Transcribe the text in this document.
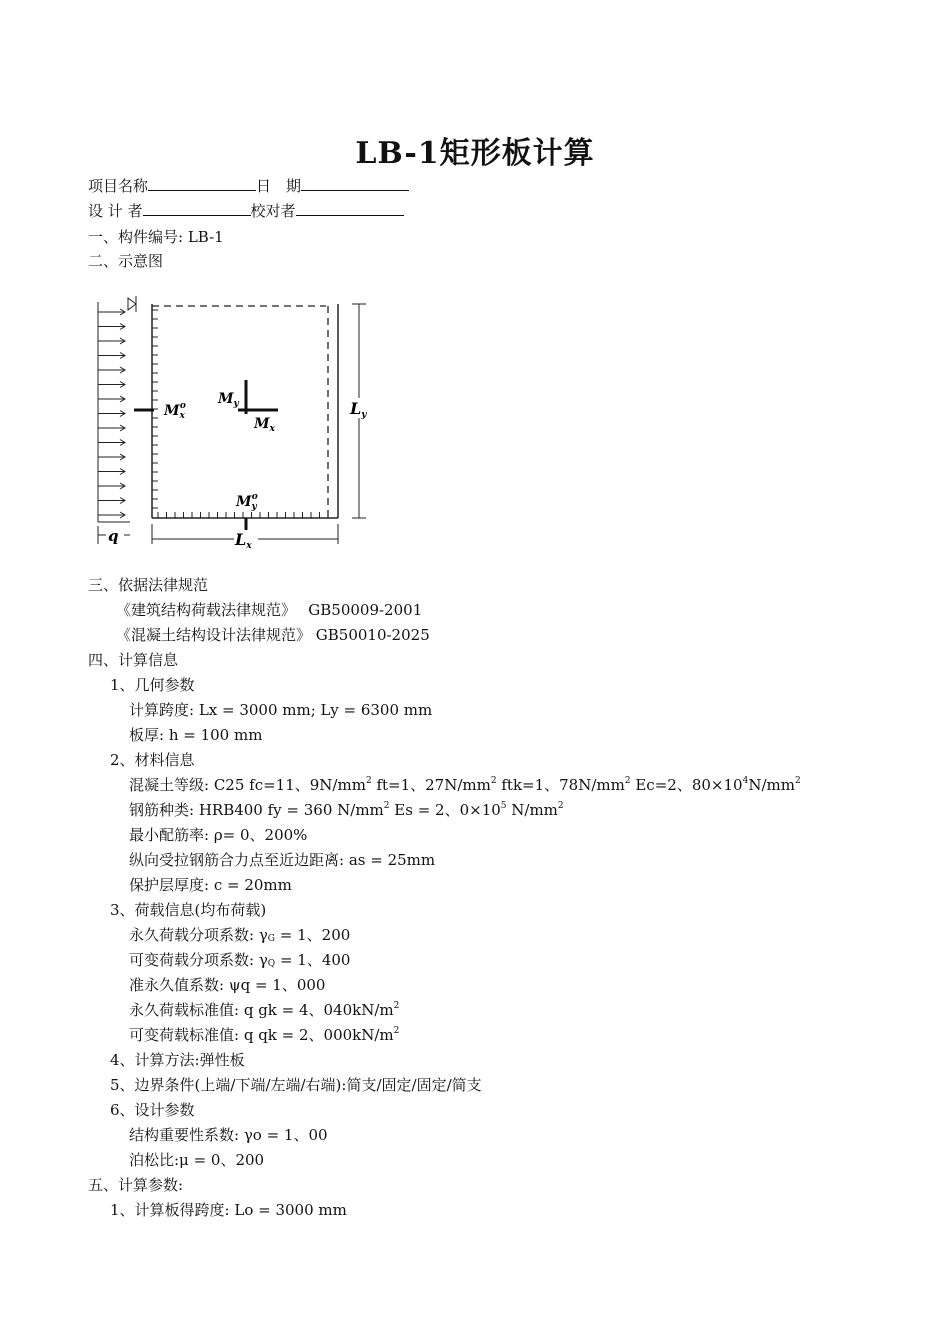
LB-1矩形板计算
项目名称	日　期
设 计 者	校对者
一、构件编号: LB-1
二、示意图
$M_xo$ $M_y$
$M_x$
Ly
$M_yo$
q	Lx
三、依据法律规范
《建筑结构荷载法律规范》　 GB50009-2001
《混凝土结构设计法律规范》 GB50010-2025
四、计算信息
1、几何参数
计算跨度: Lx = 3000 mm; Ly = 6300 mm
板厚: h = 100 mm
2、材料信息
混凝土等级: C25 fc=11、$9N/mm^2$ ft=1、$27N/mm^2$ ftk=1、$78N/mm^2$ Ec=2、$80\times 10^4N/mm^2$
钢筋种类: HRB400 fy = 360 $N/mm^2$ Es = 2、$0\times 10^5$ $N/mm^2$
最小配筋率: ρ= 0、200%
纵向受拉钢筋合力点至近边距离: as = 25mm
保护层厚度: c = 20mm
3、荷载信息(均布荷载)
永久荷载分项系数: $\gamma_G = 1$、200
可变荷载分项系数: $\gamma_Q = 1$、400
准永久值系数: ψq = 1、000
永久荷载标准值: q gk = 4、$040kN/m^2$
可变荷载标准值: q qk = 2、$000kN/m^2$
4、计算方法:弹性板
5、边界条件(上端/下端/左端/右端):简支/固定/固定/简支
6、设计参数
结构重要性系数: γo = 1、00
泊松比:μ = 0、200
五、计算参数:
1、计算板得跨度: Lo = 3000 mm
